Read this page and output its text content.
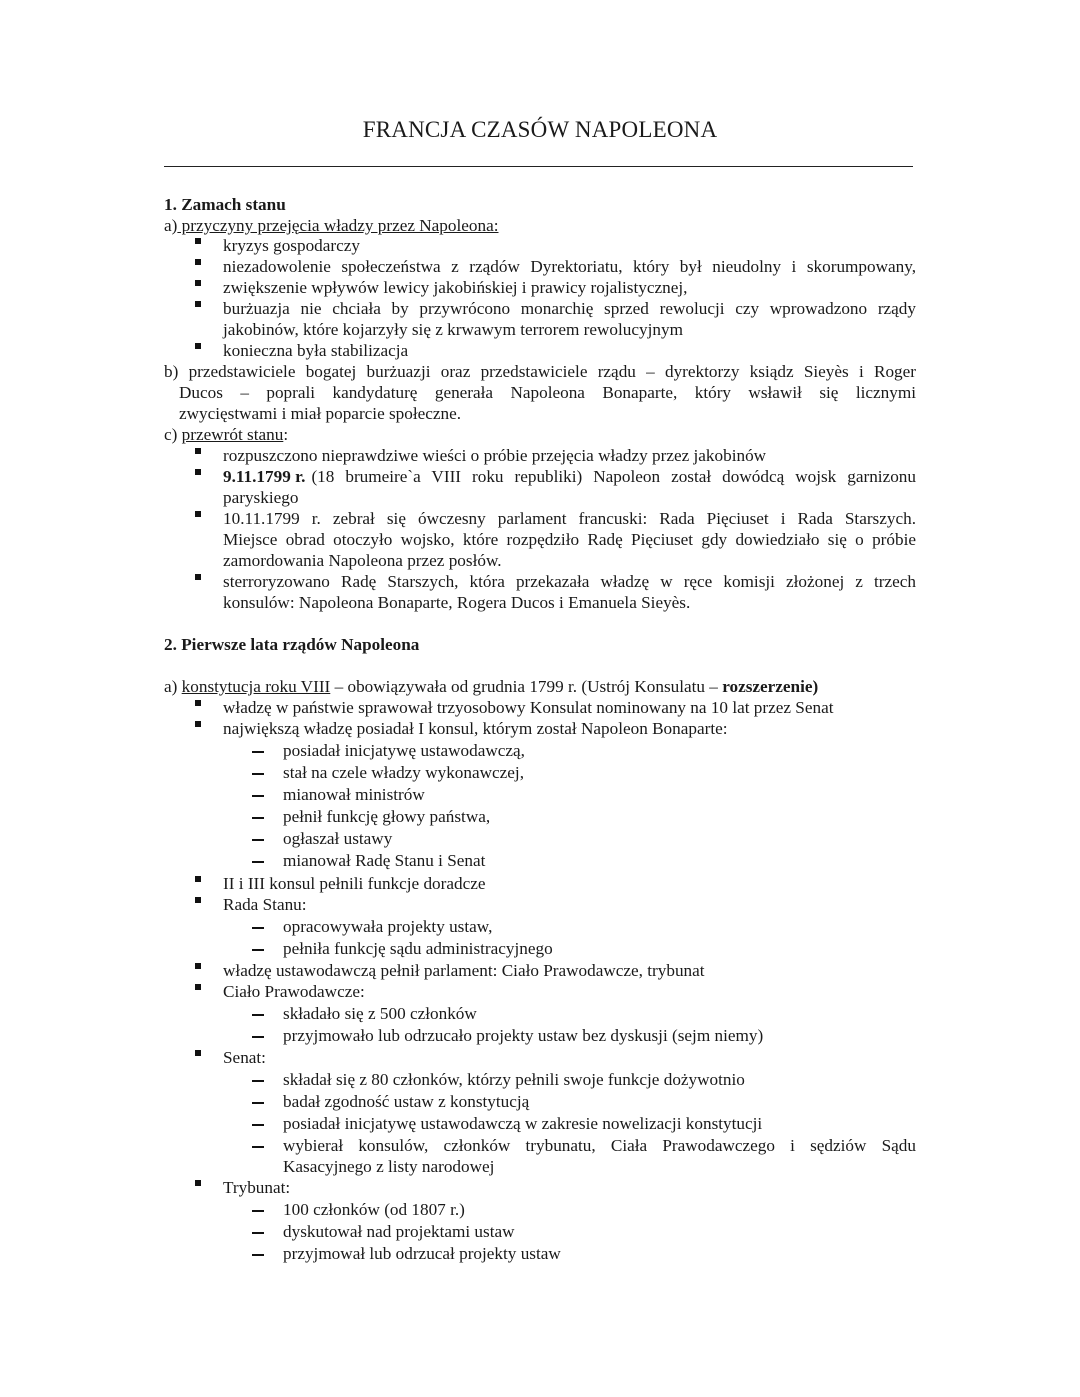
FRANCJA CZASÓW NAPOLEONA
1. Zamach stanu
a) przyczyny przejęcia władzy przez Napoleona:
kryzys gospodarczy
niezadowolenie społeczeństwa z rządów Dyrektoriatu, który był nieudolny i skorumpowany,
zwiększenie wpływów lewicy jakobińskiej i prawicy rojalistycznej,
burżuazja nie chciała by przywrócono monarchię sprzed rewolucji czy wprowadzono rządy
jakobinów, które kojarzyły się z krwawym terrorem rewolucyjnym
konieczna była stabilizacja
b) przedstawiciele bogatej burżuazji oraz przedstawiciele rządu – dyrektorzy ksiądz Sieyès i Roger
Ducos – poprali kandydaturę generała Napoleona Bonaparte, który wsławił się licznymi
zwycięstwami i miał poparcie społeczne.
c) przewrót stanu:
rozpuszczono nieprawdziwe wieści o próbie przejęcia władzy przez jakobinów
9.11.1799 r. (18 brumeire`a VIII roku republiki) Napoleon został dowódcą wojsk garnizonu
paryskiego
10.11.1799 r. zebrał się ówczesny parlament francuski: Rada Pięciuset i Rada Starszych.
Miejsce obrad otoczyło wojsko, które rozpędziło Radę Pięciuset gdy dowiedziało się o próbie
zamordowania Napoleona przez posłów.
sterroryzowano Radę Starszych, która przekazała władzę w ręce komisji złożonej z trzech
konsulów: Napoleona Bonaparte, Rogera Ducos i Emanuela Sieyès.
2. Pierwsze lata rządów Napoleona
a) konstytucja roku VIII – obowiązywała od grudnia 1799 r. (Ustrój Konsulatu – rozszerzenie)
władzę w państwie sprawował trzyosobowy Konsulat nominowany na 10 lat przez Senat
największą władzę posiadał I konsul, którym został Napoleon Bonaparte:
posiadał inicjatywę ustawodawczą,
stał na czele władzy wykonawczej,
mianował ministrów
pełnił funkcję głowy państwa,
ogłaszał ustawy
mianował Radę Stanu i Senat
II i III konsul pełnili funkcje doradcze
Rada Stanu:
opracowywała projekty ustaw,
pełniła funkcję sądu administracyjnego
władzę ustawodawczą pełnił parlament: Ciało Prawodawcze, trybunat
Ciało Prawodawcze:
składało się z 500 członków
przyjmowało lub odrzucało projekty ustaw bez dyskusji (sejm niemy)
Senat:
składał się z 80 członków, którzy pełnili swoje funkcje dożywotnio
badał zgodność ustaw z konstytucją
posiadał inicjatywę ustawodawczą w zakresie nowelizacji konstytucji
wybierał konsulów, członków trybunatu, Ciała Prawodawczego i sędziów Sądu
Kasacyjnego z listy narodowej
Trybunat:
100 członków (od 1807 r.)
dyskutował nad projektami ustaw
przyjmował lub odrzucał projekty ustaw
